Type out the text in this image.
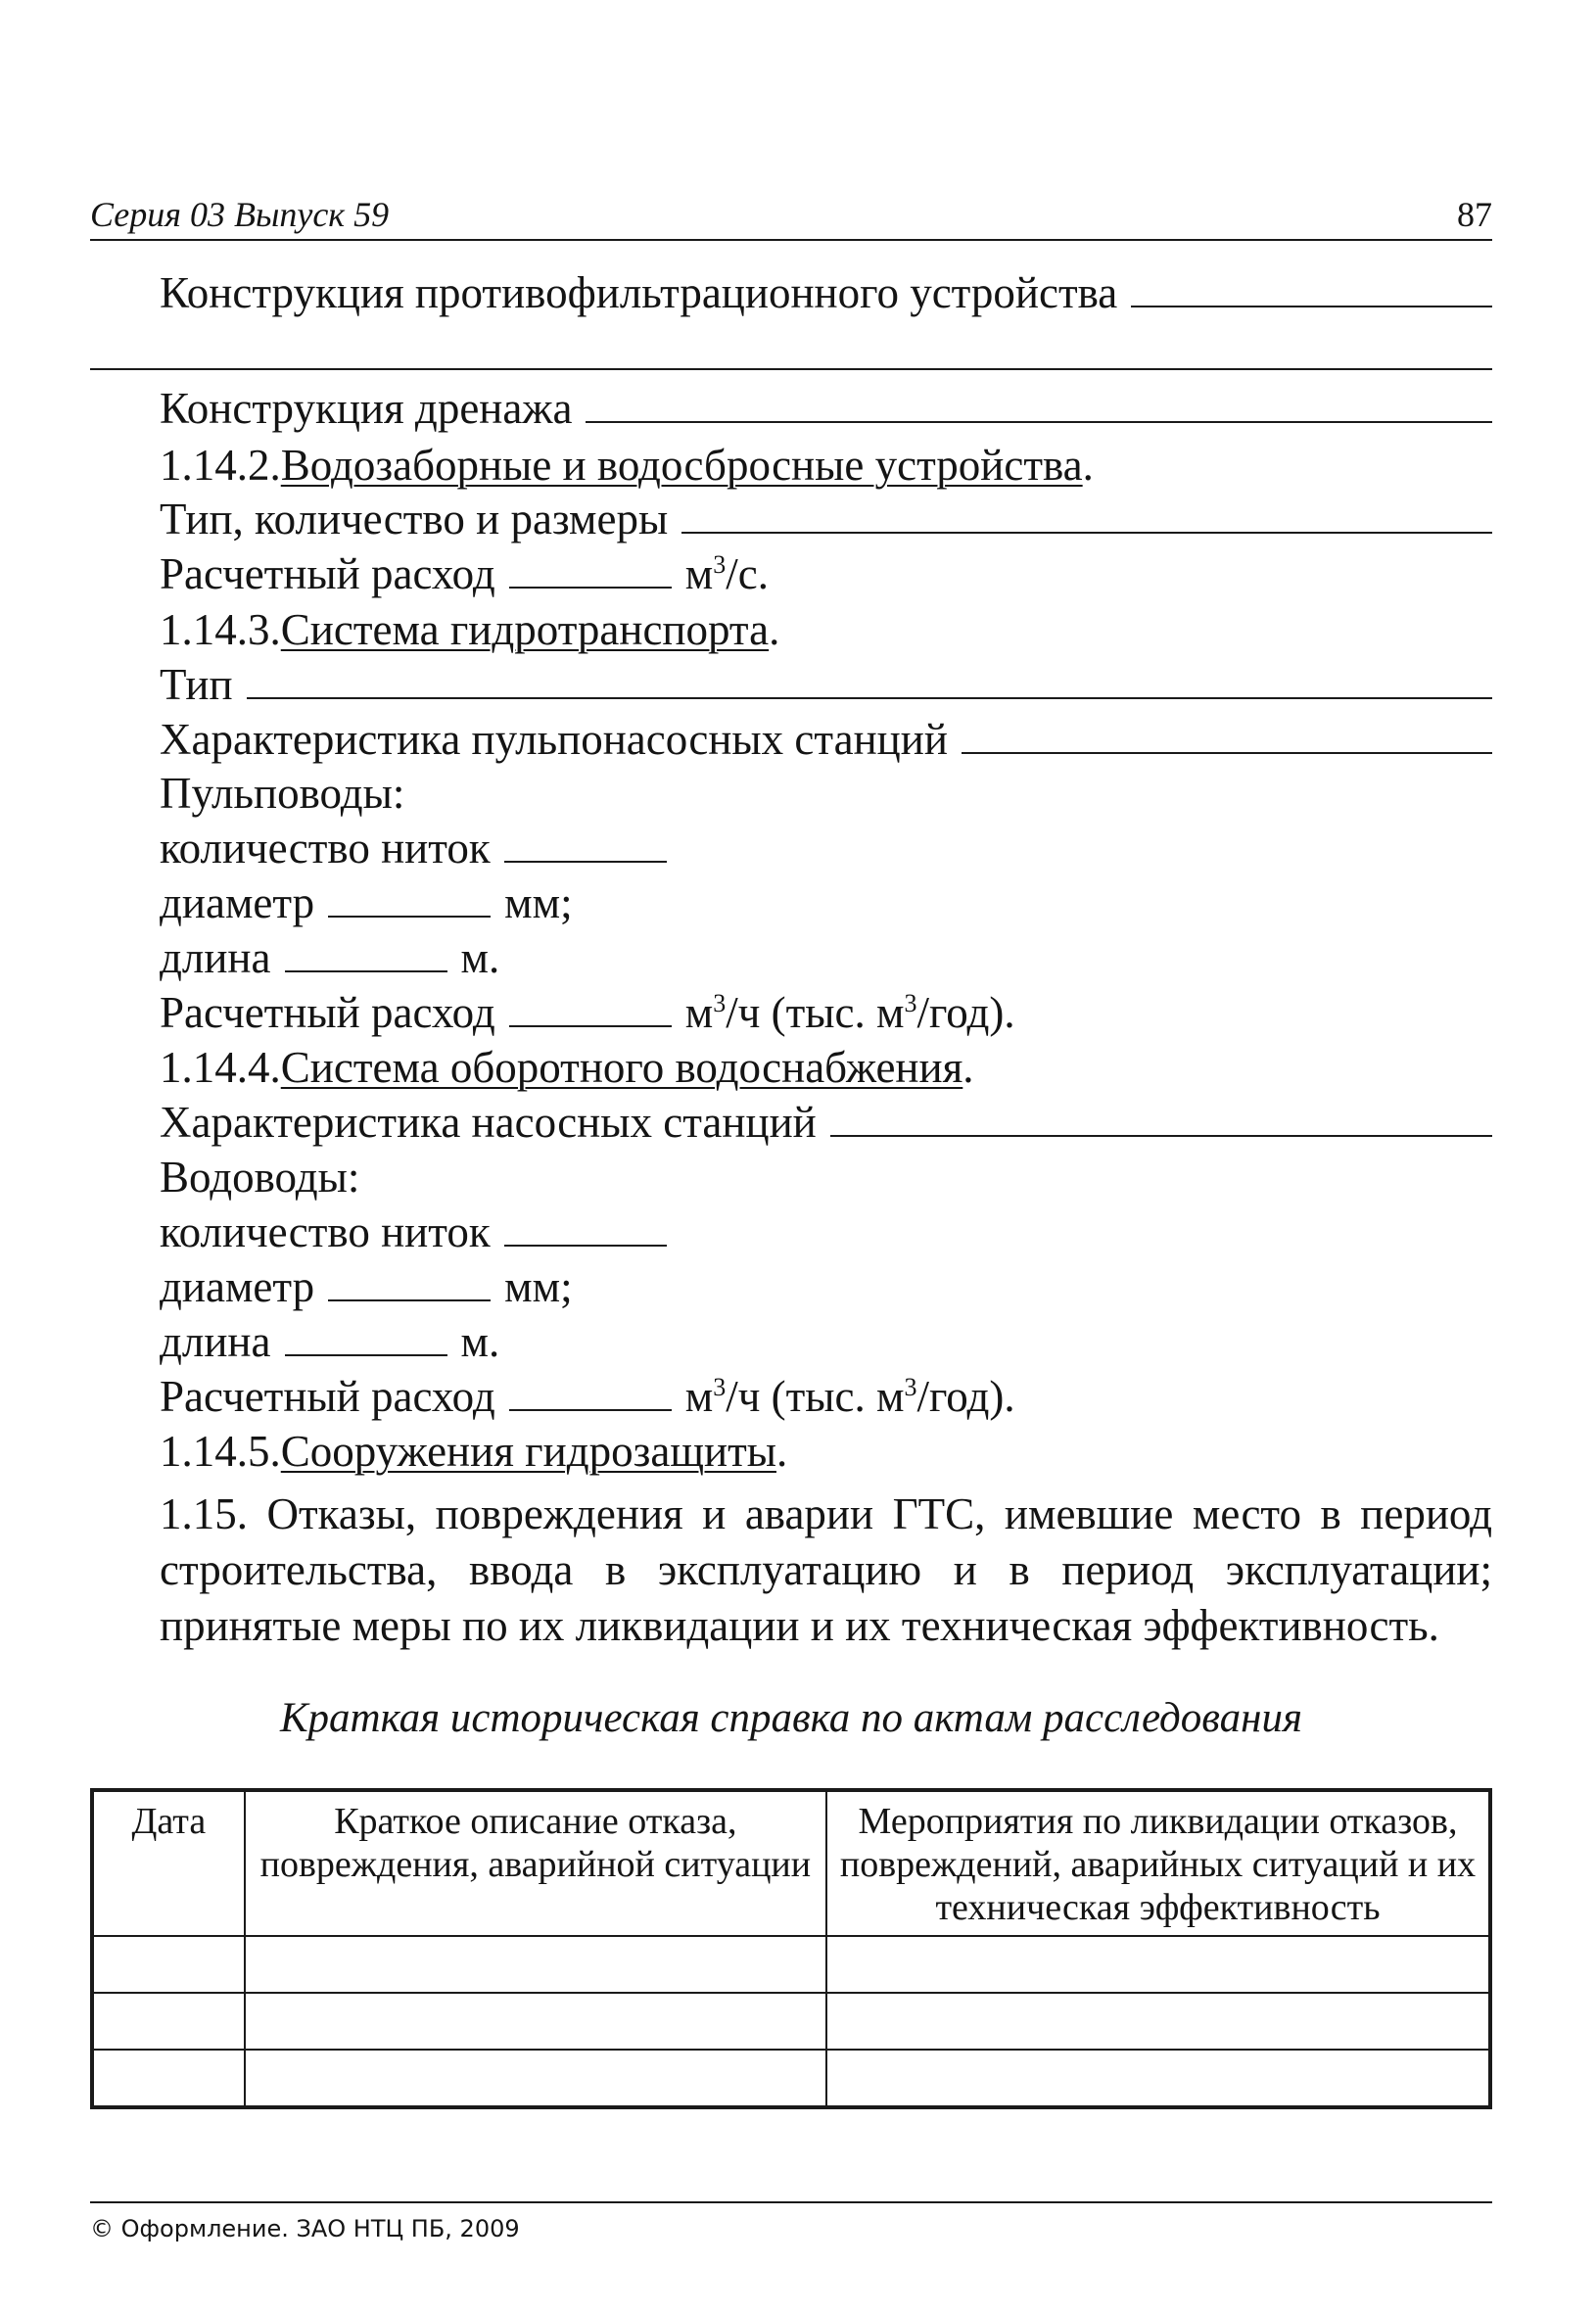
Серия 03 Выпуск 59	87
Конструкция противофильтрационного устройства
Конструкция дренажа
1.14.2. Водозаборные и водосбросные устройства .
Тип, количество и размеры
Расчетный расход	$м^3/с$.
1.14.3. Система гидротранспорта .
Тип
Характеристика пульпонасосных станций
Пульповоды:
количество ниток
диаметр	мм;
длина	м.
Расчетный расход	$м^3/ч$ (тыс. $м^3/год$).
1.14.4. Система оборотного водоснабжения .
Характеристика насосных станций
Водоводы:
количество ниток
диаметр	мм;
длина	м.
Расчетный расход	$м^3/ч$ (тыс. $м^3/год$).
1.14.5. Сооружения гидрозащиты .
1.15. Отказы, повреждения и аварии ГТС, имевшие место в период строительства, ввода в эксплуатацию и в период эксплуатации; принятые меры по их ликвидации и их техническая эффективность.
Краткая историческая справка по актам расследования
Дата	Краткое описание отказа, повреждения, аварийной ситуации	Мероприятия по ликвидации отказов, повреждений, аварийных ситуаций и их техническая эффективность

© Оформление. ЗАО НТЦ ПБ, 2009
